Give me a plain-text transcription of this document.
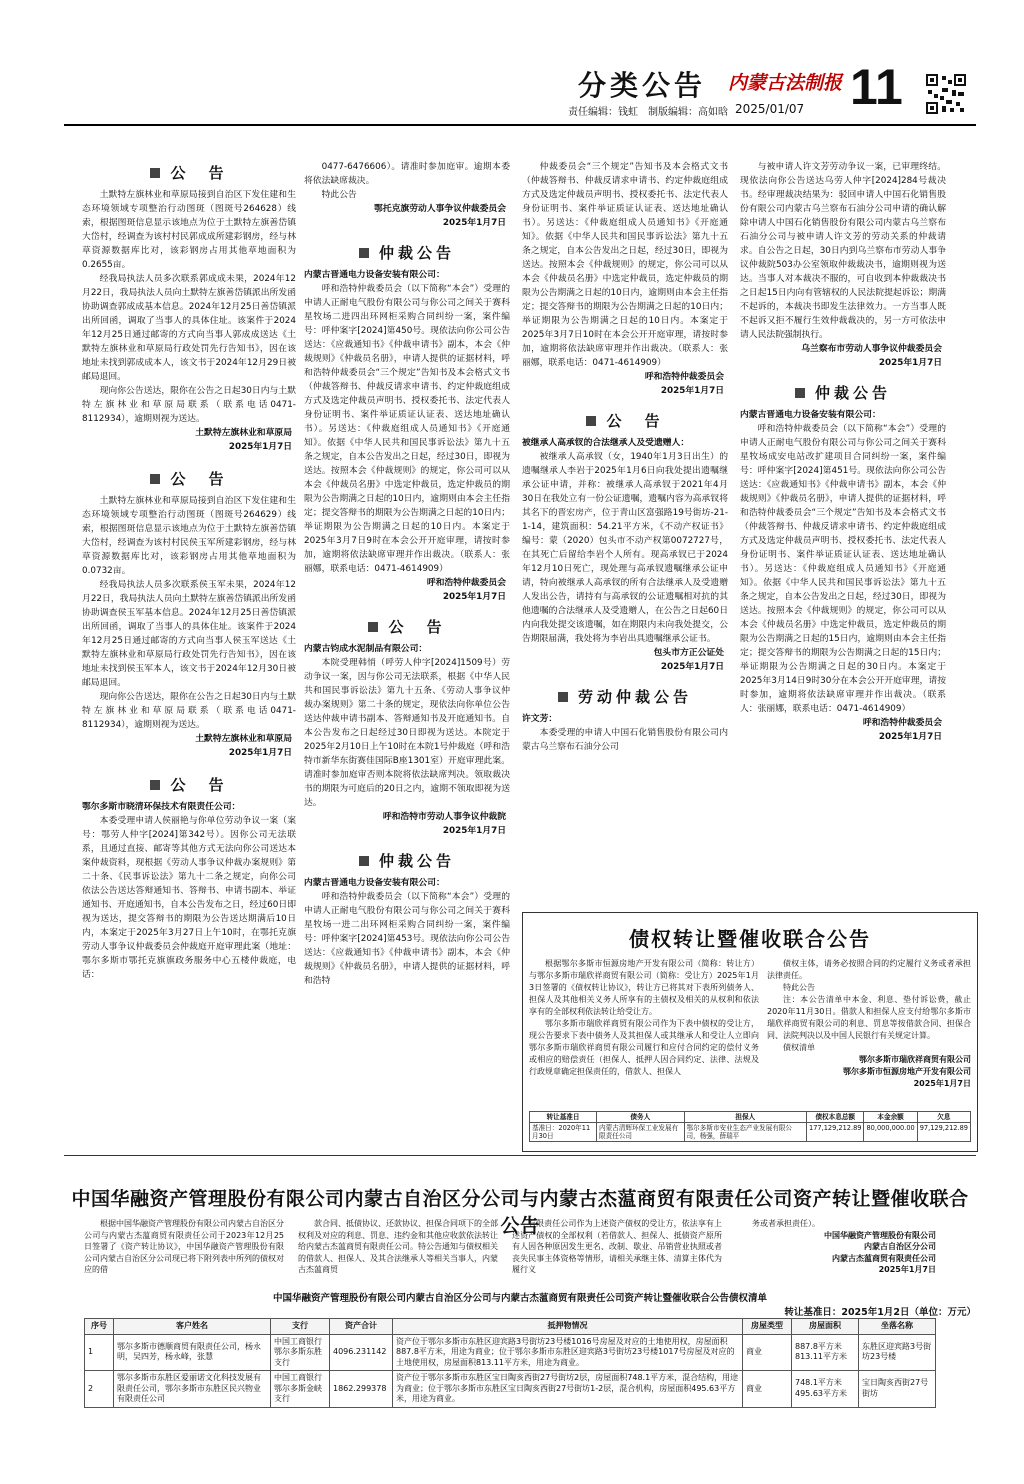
分类公告 内蒙古法制报
责任编辑：钱虹　制版编辑：高如晗 2025/01/07 11
公　告

土默特左旗林业和草原局接到自治区下发住建和生态环境领域专项整治行动图斑（图斑号264628）线索，根据图斑信息显示该地点为位于土默特左旗善岱镇大岱村，经调查为该村村民郭成成所建彩钢房，经与林草资源数据库比对，该彩钢房占用其他草地面积为0.2655亩。

经我局执法人员多次联系郭成成未果，2024年12月22日，我局执法人员向土默特左旗善岱镇派出所发函协助调查郭成成基本信息。2024年12月25日善岱镇派出所回函，调取了当事人的具体住址。该案件于2024年12月25日通过邮寄的方式向当事人郭成成送达《土默特左旗林业和草原局行政处罚先行告知书》，因在该地址未找到郭成成本人，该文书于2024年12月29日被邮局退回。

现向你公告送达，限你在公告之日起30日内与土默特左旗林业和草原局联系（联系电话0471-8112934），逾期则视为送达。

土默特左旗林业和草原局

2025年1月7日

公　告

土默特左旗林业和草原局接到自治区下发住建和生态环境领域专项整治行动图斑（图斑号264629）线索，根据图斑信息显示该地点为位于土默特左旗善岱镇大岱村，经调查为该村村民侯玉军所建彩钢房，经与林草资源数据库比对，该彩钢房占用其他草地面积为0.0732亩。

经我局执法人员多次联系侯玉军未果，2024年12月22日，我局执法人员向土默特左旗善岱镇派出所发函协助调查侯玉军基本信息。2024年12月25日善岱镇派出所回函，调取了当事人的具体住址。该案件于2024年12月25日通过邮寄的方式向当事人侯玉军送达《土默特左旗林业和草原局行政处罚先行告知书》，因在该地址未找到侯玉军本人，该文书于2024年12月30日被邮局退回。

现向你公告送达，限你在公告之日起30日内与土默特左旗林业和草原局联系（联系电话0471-8112934），逾期则视为送达。

土默特左旗林业和草原局

2025年1月7日

公　告

鄂尔多斯市晓清环保技术有限责任公司：

本委受理申请人侯丽艳与你单位劳动争议一案（案号：鄂劳人仲字[2024]第342号）。因你公司无法联系，且通过直接、邮寄等其他方式无法向你公司送达本案仲裁资料，现根据《劳动人事争议仲裁办案规则》第二十条、《民事诉讼法》第九十二条之规定，向你公司依法公告送达答辩通知书、答辩书、申请书副本、举证通知书、开庭通知书，自本公告发布之日，经过60日即视为送达，提交答辩书的期限为公告送达期满后10日内，本案定于2025年3月27日上午10时，在鄂托克旗劳动人事争议仲裁委员会仲裁庭开庭审理此案（地址：鄂尔多斯市鄂托克旗旗政务服务中心五楼仲裁庭，电话：

0477-6476606）。请准时参加庭审。逾期本委将依法缺席裁决。

特此公告

鄂托克旗劳动人事争议仲裁委员会

2025年1月7日

仲裁公告

内蒙古晋通电力设备安装有限公司：

呼和浩特仲裁委员会（以下简称“本会”）受理的申请人正耐电气股份有限公司与你公司之间关于赛科星牧场二进四出环网柜采购合同纠纷一案，案件编号：呼仲案字[2024]第450号。现依法向你公司公告送达：《应裁通知书》《仲裁申请书》副本，本会《仲裁规则》《仲裁员名册》，申请人提供的证据材料，呼和浩特仲裁委员会“三个规定”告知书及本会格式文书（仲裁答辩书、仲裁反请求申请书、约定仲裁庭组成方式及选定仲裁员声明书、授权委托书、法定代表人身份证明书、案件举证质证认证表、送达地址确认书）。另送达：《仲裁庭组成人员通知书》《开庭通知》。依据《中华人民共和国民事诉讼法》第九十五条之规定，自本公告发出之日起，经过30日，即视为送达。按照本会《仲裁规则》的规定，你公司可以从本会《仲裁员名册》中选定仲裁员，选定仲裁员的期限为公告期满之日起的10日内，逾期则由本会主任指定；提交答辩书的期限为公告期满之日起的10日内；举证期限为公告期满之日起的10日内。本案定于2025年3月7日9时在本会公开开庭审理，请按时参加，逾期将依法缺席审理并作出裁决。（联系人：张丽娜，联系电话：0471-4614909）

呼和浩特仲裁委员会

2025年1月7日

公　告

内蒙古钧成水泥制品有限公司：

本院受理韩悄（呼劳人仲字[2024]1509号）劳动争议一案，因与你公司无法联系，根据《中华人民共和国民事诉讼法》第九十五条、《劳动人事争议仲裁办案规则》第二十条的规定，现依法向你单位公告送达仲裁申请书副本、答辩通知书及开庭通知书。自本公告发布之日起经过30日即视为送达。本院定于2025年2月10日上午10时在本院1号仲裁庭（呼和浩特市新华东街赛佳国际B座1301室）开庭审理此案。请准时参加庭审否则本院将依法缺席判决。领取裁决书的期限为可庭后的20日之内，逾期不领取即视为送达。

呼和浩特市劳动人事争议仲裁院

2025年1月7日

仲裁公告

内蒙古晋通电力设备安装有限公司：

呼和浩特仲裁委员会（以下简称“本会”）受理的申请人正耐电气股份有限公司与你公司之间关于赛科星牧场一进二出环网柜采购合同纠纷一案，案件编号：呼仲案字[2024]第453号。现依法向你公司公告送达：《应裁通知书》《仲裁申请书》副本，本会《仲裁规则》《仲裁员名册》，申请人提供的证据材料，呼和浩特

仲裁委员会“三个规定”告知书及本会格式文书（仲裁答辩书、仲裁反请求申请书、约定仲裁庭组成方式及选定仲裁员声明书、授权委托书、法定代表人身份证明书、案件举证质证认证表、送达地址确认书）。另送达：《仲裁庭组成人员通知书》《开庭通知》。依据《中华人民共和国民事诉讼法》第九十五条之规定，自本公告发出之日起，经过30日，即视为送达。按照本会《仲裁规则》的规定，你公司可以从本会《仲裁员名册》中选定仲裁员，选定仲裁员的期限为公告期满之日起的10日内，逾期则由本会主任指定；提交答辩书的期限为公告期满之日起的10日内；举证期限为公告期满之日起的10日内。本案定于2025年3月7日10时在本会公开开庭审理，请按时参加，逾期将依法缺席审理并作出裁决。（联系人：张丽娜，联系电话：0471-4614909）

呼和浩特仲裁委员会

2025年1月7日

公　告

被继承人高承钗的合法继承人及受遗赠人：

被继承人高承钗（女，1940年1月3日出生）的遗嘱继承人李岩于2025年1月6日向我处提出遗嘱继承公证申请，并称：被继承人高承钗于2021年4月30日在我处立有一份公证遗嘱，遗嘱内容为高承钗将其名下的晋宏房产，位于青山区富强路19号街坊-21-1-14，建筑面积：54.21平方米，《不动产权证书》编号：蒙（2020）包头市不动产权第0072727号，在其死亡后留给李岩个人所有。现高承钗已于2024年12月10日死亡，现处理与高承钗遗嘱继承公证申请，特向被继承人高承钗的所有合法继承人及受遗赠人发出公告，请持有与高承钗的公证遗嘱相对抗的其他遗嘱的合法继承人及受遗赠人，在公告之日起60日内向我处提交该遗嘱，如在期限内未向我处提交，公告期限届满，我处将为李岩出具遗嘱继承公证书。

包头市方正公证处

2025年1月7日

劳动仲裁公告

许文芳：

本委受理的申请人中国石化销售股份有限公司内蒙古乌兰察布石油分公司

与被申请人许文芳劳动争议一案，已审理终结。现依法向你公告送达乌劳人仲字[2024]284号裁决书。经审理裁决结果为：驳回申请人中国石化销售股份有限公司内蒙古乌兰察布石油分公司申请的确认解除申请人中国石化销售股份有限公司内蒙古乌兰察布石油分公司与被申请人许文芳的劳动关系的仲裁请求。自公告之日起，30日内到乌兰察布市劳动人事争议仲裁院503办公室领取仲裁裁决书，逾期则视为送达。当事人对本裁决不服的，可自收到本仲裁裁决书之日起15日内向有管辖权的人民法院提起诉讼；期满不起诉的，本裁决书即发生法律效力。一方当事人既不起诉又拒不履行生效仲裁裁决的，另一方可依法申请人民法院强制执行。

乌兰察布市劳动人事争议仲裁委员会

2025年1月7日

仲裁公告

内蒙古晋通电力设备安装有限公司：

呼和浩特仲裁委员会（以下简称“本会”）受理的申请人正耐电气股份有限公司与你公司之间关于赛科星牧场成安电站改扩建项目合同纠纷一案，案件编号：呼仲案字[2024]第451号。现依法向你公司公告送达：《应裁通知书》《仲裁申请书》副本，本会《仲裁规则》《仲裁员名册》，申请人提供的证据材料，呼和浩特仲裁委员会“三个规定”告知书及本会格式文书（仲裁答辩书、仲裁反请求申请书、约定仲裁庭组成方式及选定仲裁员声明书、授权委托书、法定代表人身份证明书、案件举证质证认证表、送达地址确认书）。另送达：《仲裁庭组成人员通知书》《开庭通知》。依据《中华人民共和国民事诉讼法》第九十五条之规定，自本公告发出之日起，经过30日，即视为送达。按照本会《仲裁规则》的规定，你公司可以从本会《仲裁员名册》中选定仲裁员，选定仲裁员的期限为公告期满之日起的15日内，逾期则由本会主任指定；提交答辩书的期限为公告期满之日起的15日内；举证期限为公告期满之日起的30日内。本案定于2025年3月14日9时30分在本会公开开庭审理，请按时参加，逾期将依法缺席审理并作出裁决。（联系人：张丽娜，联系电话：0471-4614909）

呼和浩特仲裁委员会

2025年1月7日

债权转让暨催收联合公告

根据鄂尔多斯市恒源房地产开发有限公司（简称：转让方）与鄂尔多斯市瑞欣祥商贸有限公司（简称：受让方）2025年1月3日签署的《债权转让协议》，转让方已将其对下表所列债务人、担保人及其他相关义务人所享有的主债权及相关的从权利和依法享有的全部权利依法转让给受让方。

鄂尔多斯市瑞欣祥商贸有限公司作为下表中债权的受让方，现公告要求下表中债务人及其担保人或其继承人和受让人立即向鄂尔多斯市瑞欣祥商贸有限公司履行和应付合同约定的偿付义务或相应的赔偿责任（担保人、抵押人因合同约定、法律、法规及行政规章确定担保责任的，借款人、担保人

债权主体，请务必按照合同的约定履行义务或者承担法律责任。

特此公告

注：本公告清单中本金、利息、垫付诉讼费，截止2020年11月30日。借款人和担保人应支付给鄂尔多斯市瑞欣祥商贸有限公司的利息、罚息等按借款合同、担保合同、法院判决以及中国人民银行有关规定计算。

债权清单

鄂尔多斯市瑞欣祥商贸有限公司

鄂尔多斯市恒源房地产开发有限公司

2025年1月7日

转让基准日	债务人	担保人	债权本息总额	本金余额	欠息
基准日：2020年11月30日	内蒙古清辉环保工业发展有限责任公司	鄂尔多斯市安业生态产业发展有限公司，杨强，薛瑞平	177,129,212.89	80,000,000.00	97,129,212.89
中国华融资产管理股份有限公司内蒙古自治区分公司与内蒙古杰蕰商贸有限责任公司资产转让暨催收联合公告

根据中国华融资产管理股份有限公司内蒙古自治区分公司与内蒙古杰蕰商贸有限责任公司于2023年12月25日签署了《资产转让协议》，中国华融资产管理股份有限公司内蒙古自治区分公司现已将下附列表中所列的债权对应的借

款合同、抵债协议、还款协议、担保合同项下的全部权利及对应的利息、罚息、违约金和其他应收款依法转让给内蒙古杰蕰商贸有限责任公司。特公告通知与债权相关的借款人、担保人、及其合法继承人等相关当事人，内蒙古杰蕰商贸

有限责任公司作为上述资产债权的受让方，依法享有上述资产债权的全部权利（若借款人、担保人、抵债资产原所有人因各种原因发生更名、改制、歇业、吊销营业执照或者丧失民事主体资格等情形，请相关承继主体、清算主体代为履行义

务或者承担责任）。

中国华融资产管理股份有限公司

内蒙古自治区分公司

内蒙古杰蕰商贸有限责任公司

2025年1月7日

中国华融资产管理股份有限公司内蒙古自治区分公司与内蒙古杰蕰商贸有限责任公司资产转让暨催收联合公告债权清单
转让基准日：2025年1月2日（单位：万元）
序号	客户姓名	支行	资产合计	抵押物情况	房屋类型	房屋面积	坐落名称
1	鄂尔多斯市德顺商贸有限责任公司，杨永明，吴四芳，杨永峰，张慧	中国工商银行鄂尔多斯东胜支行	4096.231142	资产位于鄂尔多斯市东胜区迎宾路3号街坊23号楼1016号房屋及对应的土地使用权，房屋面积887.8平方米，用途为商业；位于鄂尔多斯市东胜区迎宾路3号街坊23号楼1017号房屋及对应的土地使用权，房屋面积813.11平方米，用途为商业。	商业	887.8平方米 813.11平方米	东胜区迎宾路3号街坊23号楼
2	鄂尔多斯市东胜区爱丽诺文化科技发展有限责任公司，鄂尔多斯市东胜区民兴物业有限责任公司	中国工商银行鄂尔多斯金峡支行	1862.299378	资产位于鄂尔多斯市东胜区宝日陶亥西街27号街坊2层，房屋面积748.1平方米，混合结构，用途为商业；位于鄂尔多斯市东胜区宝日陶亥西街27号街坊1-2层，混合机构，房屋面积495.63平方米，用途为商业。	商业	748.1平方米 495.63平方米	宝日陶亥西街27号街坊
